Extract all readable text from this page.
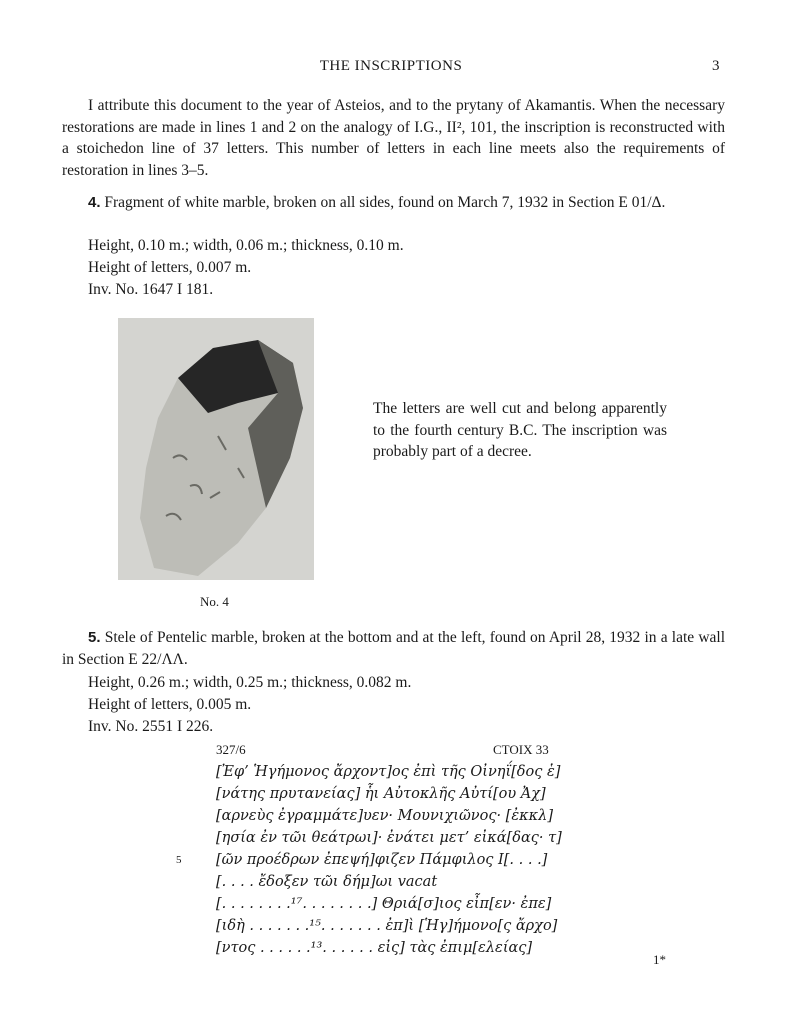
THE INSCRIPTIONS	3
I attribute this document to the year of Asteios, and to the prytany of Akamantis. When the necessary restorations are made in lines 1 and 2 on the analogy of I.G., II², 101, the inscription is reconstructed with a stoichedon line of 37 letters. This number of letters in each line meets also the requirements of restoration in lines 3–5.
4. Fragment of white marble, broken on all sides, found on March 7, 1932 in Section E 01/Δ.
Height, 0.10 m.; width, 0.06 m.; thickness, 0.10 m.
Height of letters, 0.007 m.
Inv. No. 1647 I 181.
The letters are well cut and belong apparently to the fourth century B.C. The inscription was probably part of a decree.
No. 4
5. Stele of Pentelic marble, broken at the bottom and at the left, found on April 28, 1932 in a late wall in Section E 22/ΛΛ.
Height, 0.26 m.; width, 0.25 m.; thickness, 0.082 m.
Height of letters, 0.005 m.
Inv. No. 2551 I 226.
327/6	CTOIX 33
[Ἐφ’ Ἡγήμονος ἄρχοντ]ος ἐπὶ τῆς Οἰνηΐ[δος ἑ]
[νάτης πρυτανείας] ἧι Αὐτοκλῆς Αὐτί[ου Ἀχ]
[αρνεὺς ἐγραμμάτε]υεν· Μουνιχιῶνος· [ἐκκλ]
[ησία ἐν τῶι θεάτρωι]· ἐνάτει μετ’ εἰκά[δας· τ]
5 [ῶν προέδρων ἐπεψή]φιζεν Πάμφιλος Ι[. . . .]
[. . . . ἔδοξεν τῶι δήμ]ωι vacat
[. . . . . . . .¹⁷. . . . . . . .] Θριά[σ]ιος εἶπ[εν· ἐπε]
[ιδὴ . . . . . . .¹⁵. . . . . . . ἐπ]ὶ [Ἡγ]ήμονο[ς ἄρχο]
[ντος . . . . . .¹³. . . . . . εἰς] τὰς ἐπιμ[ελείας]
1*
